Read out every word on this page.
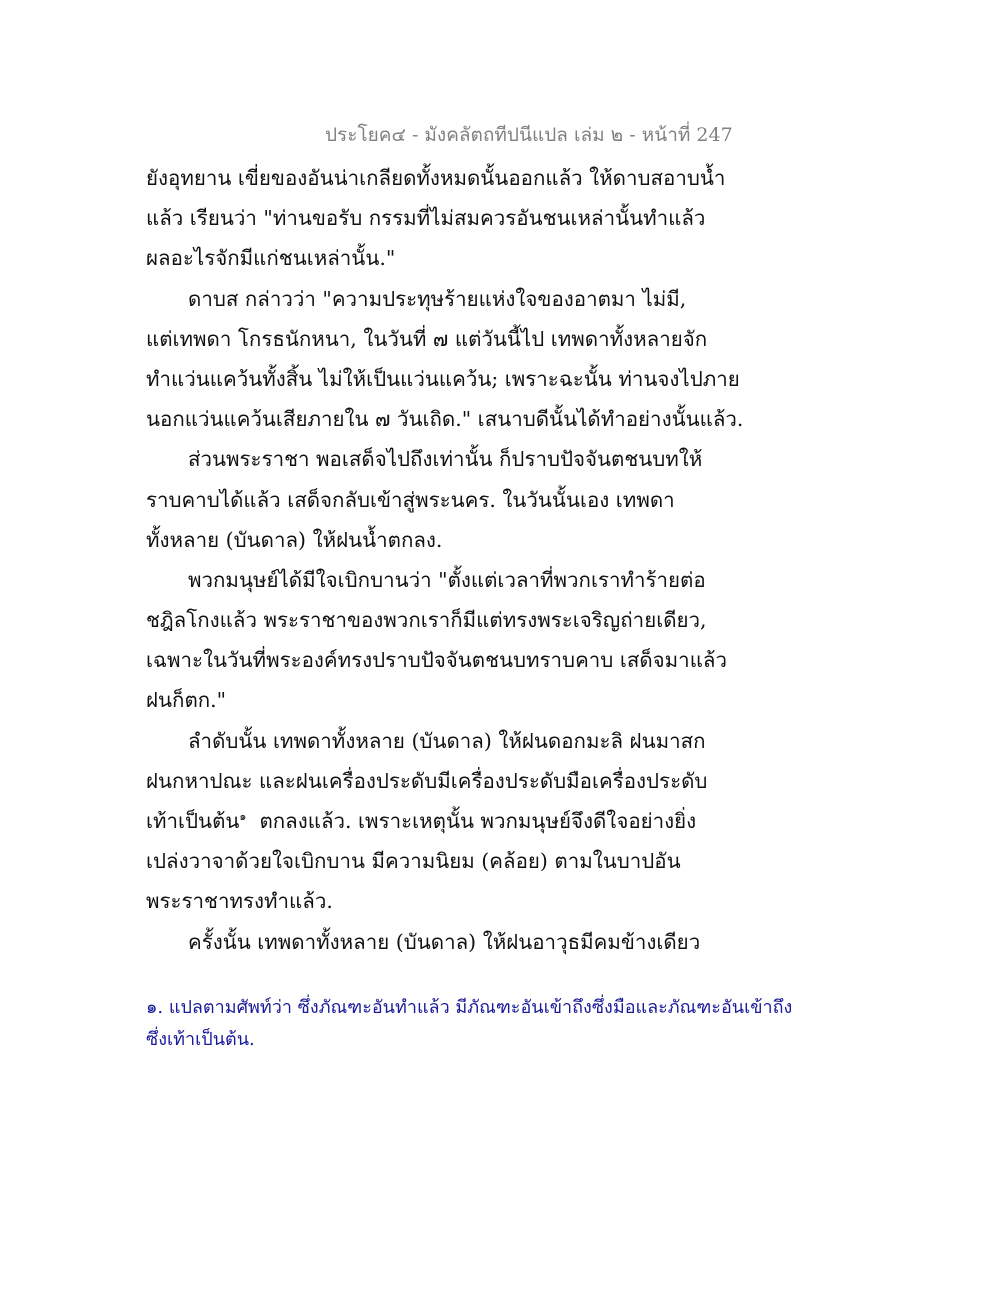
ประโยค๔ - มังคลัตถทีปนีแปล เล่ม ๒ - หน้าที่ 247
ยังอุทยาน เขี่ยของอันน่าเกลียดทั้งหมดนั้นออกแล้ว ให้ดาบสอาบน้ำ
แล้ว เรียนว่า "ท่านขอรับ กรรมที่ไม่สมควรอันชนเหล่านั้นทำแล้ว
ผลอะไรจักมีแก่ชนเหล่านั้น."
ดาบส กล่าวว่า "ความประทุษร้ายแห่งใจของอาตมา ไม่มี,
แต่เทพดา โกรธนักหนา, ในวันที่ ๗ แต่วันนี้ไป เทพดาทั้งหลายจัก
ทำแว่นแคว้นทั้งสิ้น ไม่ให้เป็นแว่นแคว้น; เพราะฉะนั้น ท่านจงไปภาย
นอกแว่นแคว้นเสียภายใน ๗ วันเถิด." เสนาบดีนั้นได้ทำอย่างนั้นแล้ว.
ส่วนพระราชา พอเสด็จไปถึงเท่านั้น ก็ปราบปัจจันตชนบทให้
ราบคาบได้แล้ว เสด็จกลับเข้าสู่พระนคร. ในวันนั้นเอง เทพดา
ทั้งหลาย (บันดาล) ให้ฝนน้ำตกลง.
พวกมนุษย์ได้มีใจเบิกบานว่า "ตั้งแต่เวลาที่พวกเราทำร้ายต่อ
ชฎิลโกงแล้ว พระราชาของพวกเราก็มีแต่ทรงพระเจริญถ่ายเดียว,
เฉพาะในวันที่พระองค์ทรงปราบปัจจันตชนบทราบคาบ เสด็จมาแล้ว
ฝนก็ตก."
ลำดับนั้น เทพดาทั้งหลาย (บันดาล) ให้ฝนดอกมะลิ ฝนมาสก
ฝนกหาปณะ และฝนเครื่องประดับมีเครื่องประดับมือเครื่องประดับ
เท้าเป็นต้น$^๑$ ตกลงแล้ว. เพราะเหตุนั้น พวกมนุษย์จึงดีใจอย่างยิ่ง
เปล่งวาจาด้วยใจเบิกบาน มีความนิยม (คล้อย) ตามในบาปอัน
พระราชาทรงทำแล้ว.
ครั้งนั้น เทพดาทั้งหลาย (บันดาล) ให้ฝนอาวุธมีคมข้างเดียว
๑. แปลตามศัพท์ว่า ซึ่งภัณฑะอันทำแล้ว มีภัณฑะอันเข้าถึงซึ่งมือและภัณฑะอันเข้าถึง
ซึ่งเท้าเป็นต้น.
